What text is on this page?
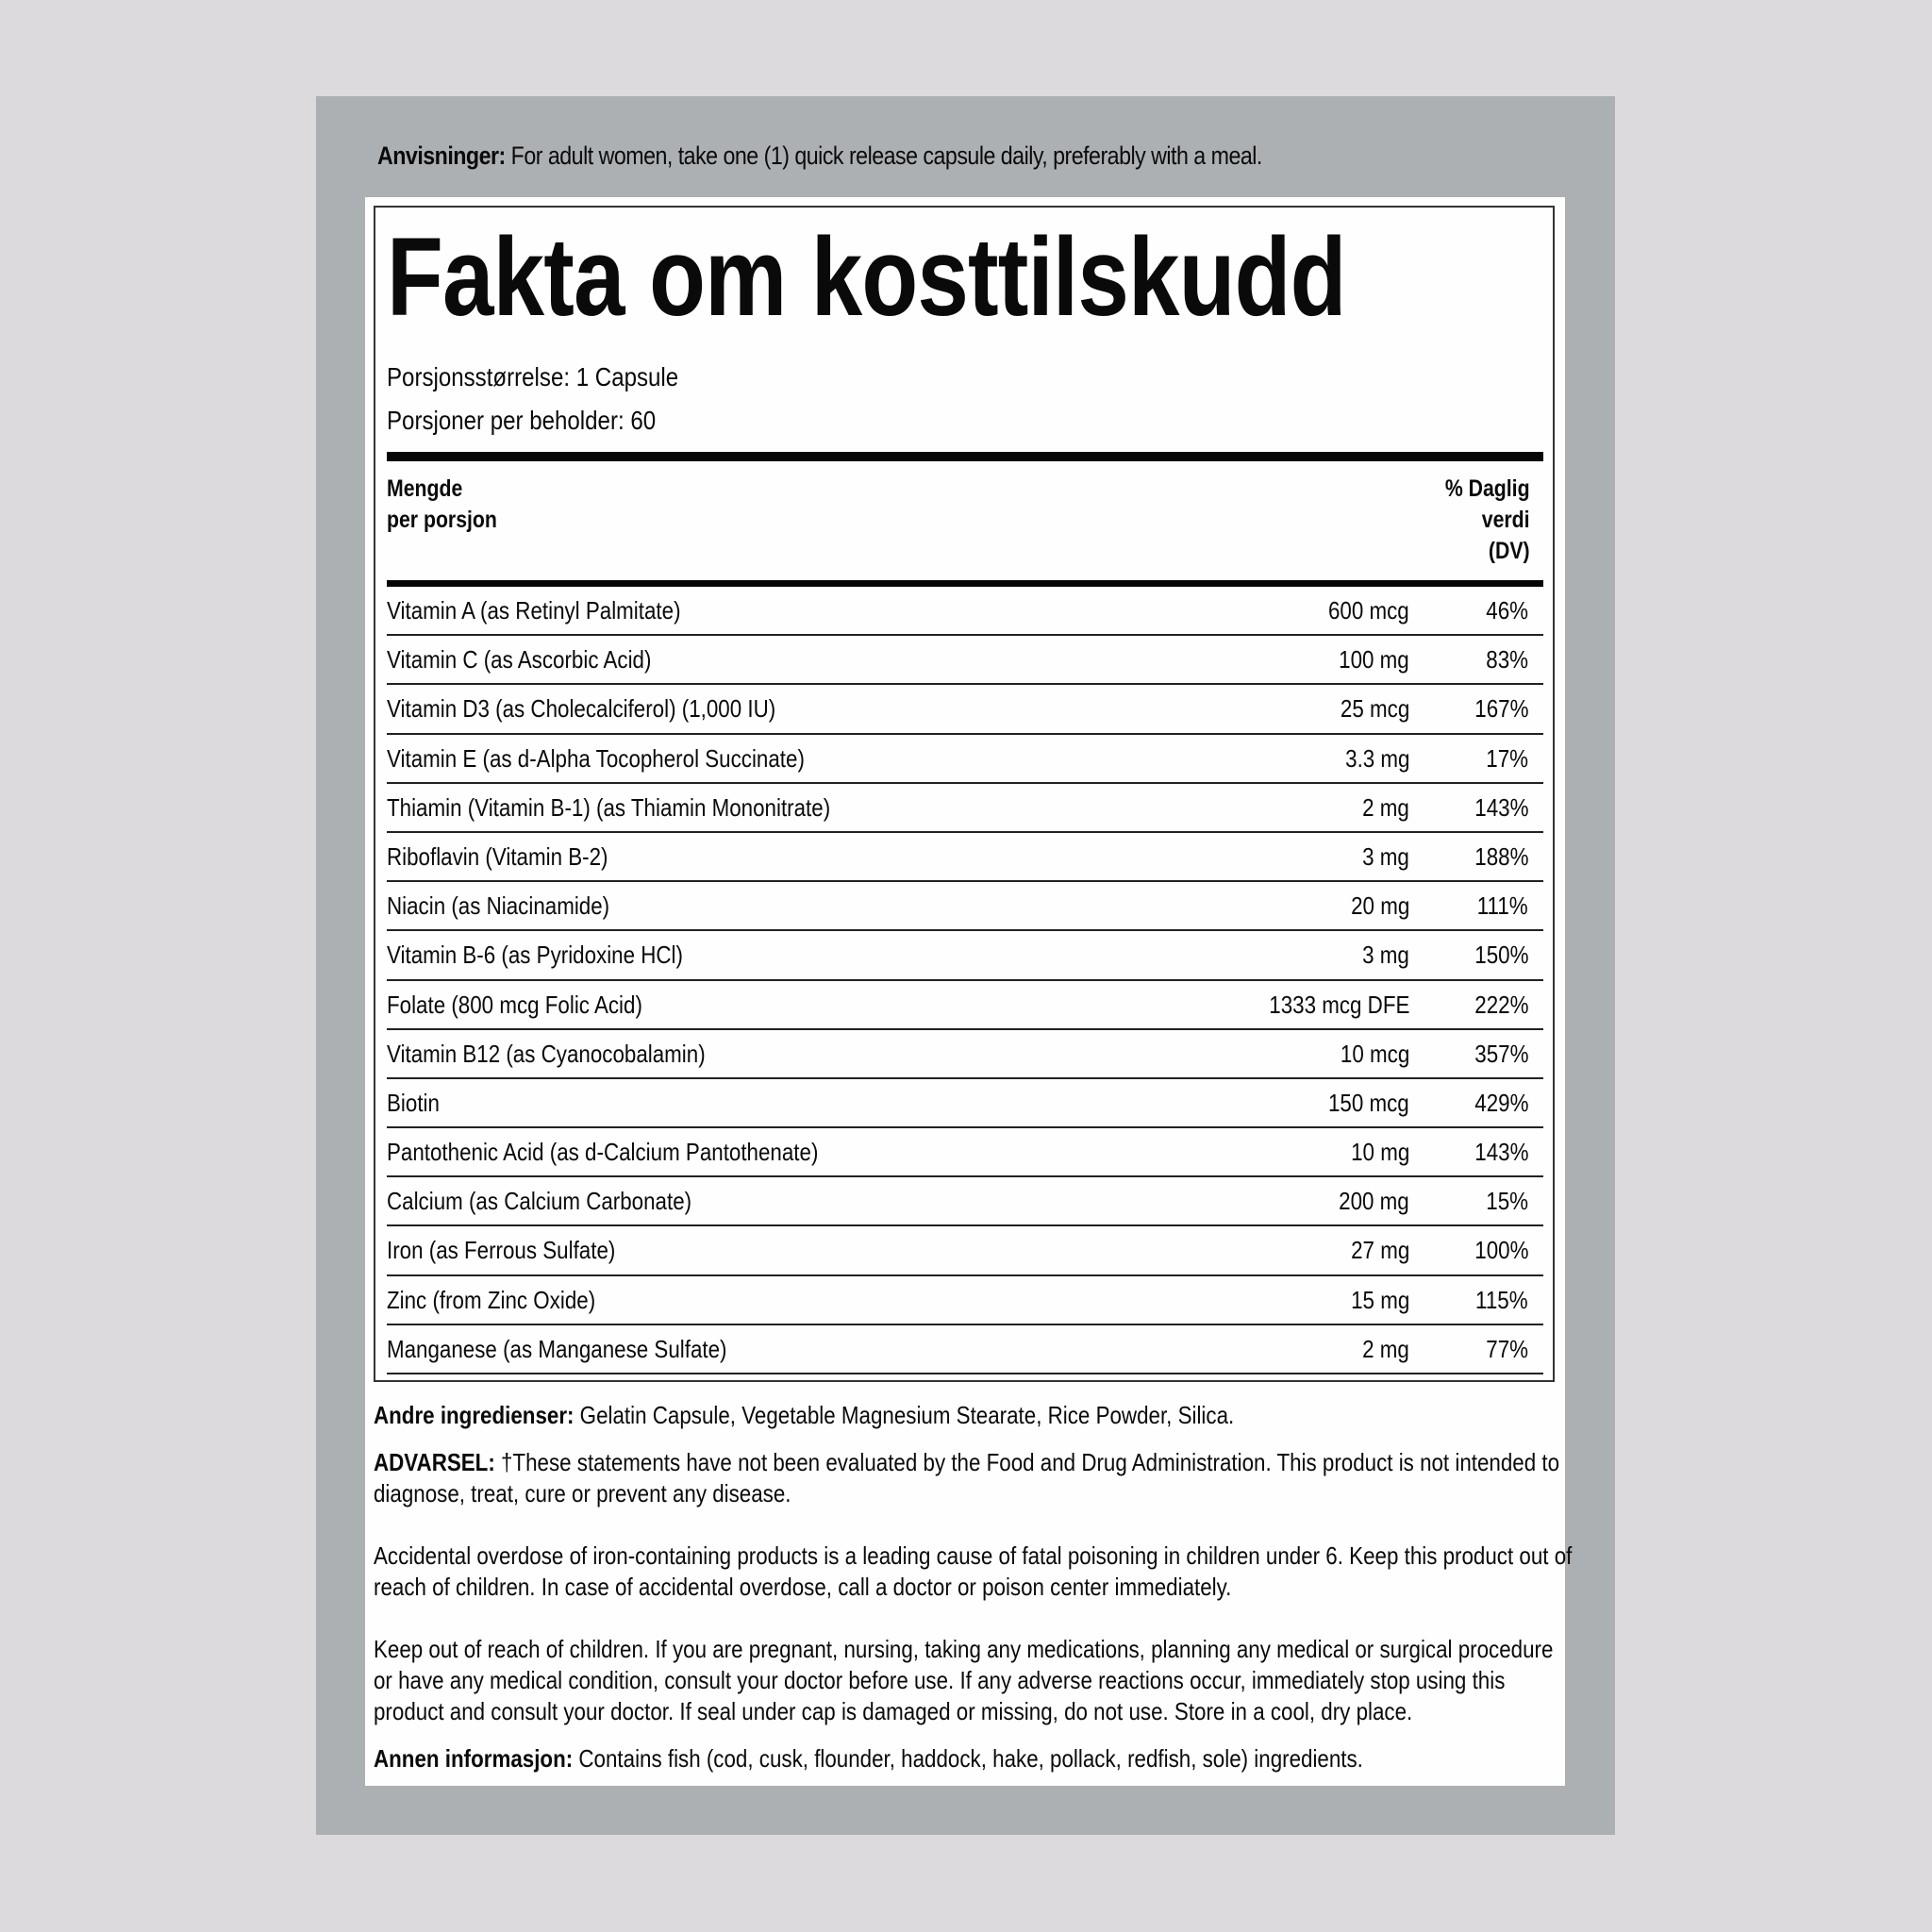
Anvisninger: For adult women, take one (1) quick release capsule daily, preferably with a meal.
Fakta om kosttilskudd
Porsjonsstørrelse: 1 Capsule
Porsjoner per beholder: 60
Mengde
per porsjon
% Daglig
verdi
(DV)
Vitamin A (as Retinyl Palmitate)	600 mcg	46%
Vitamin C (as Ascorbic Acid)	100 mg	83%
Vitamin D3 (as Cholecalciferol) (1,000 IU)	25 mcg	167%
Vitamin E (as d-Alpha Tocopherol Succinate)	3.3 mg	17%
Thiamin (Vitamin B-1) (as Thiamin Mononitrate)	2 mg	143%
Riboflavin (Vitamin B-2)	3 mg	188%
Niacin (as Niacinamide)	20 mg	111%
Vitamin B-6 (as Pyridoxine HCl)	3 mg	150%
Folate (800 mcg Folic Acid)	1333 mcg DFE	222%
Vitamin B12 (as Cyanocobalamin)	10 mcg	357%
Biotin	150 mcg	429%
Pantothenic Acid (as d-Calcium Pantothenate)	10 mg	143%
Calcium (as Calcium Carbonate)	200 mg	15%
Iron (as Ferrous Sulfate)	27 mg	100%
Zinc (from Zinc Oxide)	15 mg	115%
Manganese (as Manganese Sulfate)	2 mg	77%
Andre ingredienser: Gelatin Capsule, Vegetable Magnesium Stearate, Rice Powder, Silica.
ADVARSEL: †These statements have not been evaluated by the Food and Drug Administration. This product is not intended to diagnose, treat, cure or prevent any disease.
Accidental overdose of iron-containing products is a leading cause of fatal poisoning in children under 6. Keep this product out of reach of children. In case of accidental overdose, call a doctor or poison center immediately.
Keep out of reach of children. If you are pregnant, nursing, taking any medications, planning any medical or surgical procedure or have any medical condition, consult your doctor before use. If any adverse reactions occur, immediately stop using this product and consult your doctor. If seal under cap is damaged or missing, do not use. Store in a cool, dry place.
Annen informasjon: Contains fish (cod, cusk, flounder, haddock, hake, pollack, redfish, sole) ingredients.
